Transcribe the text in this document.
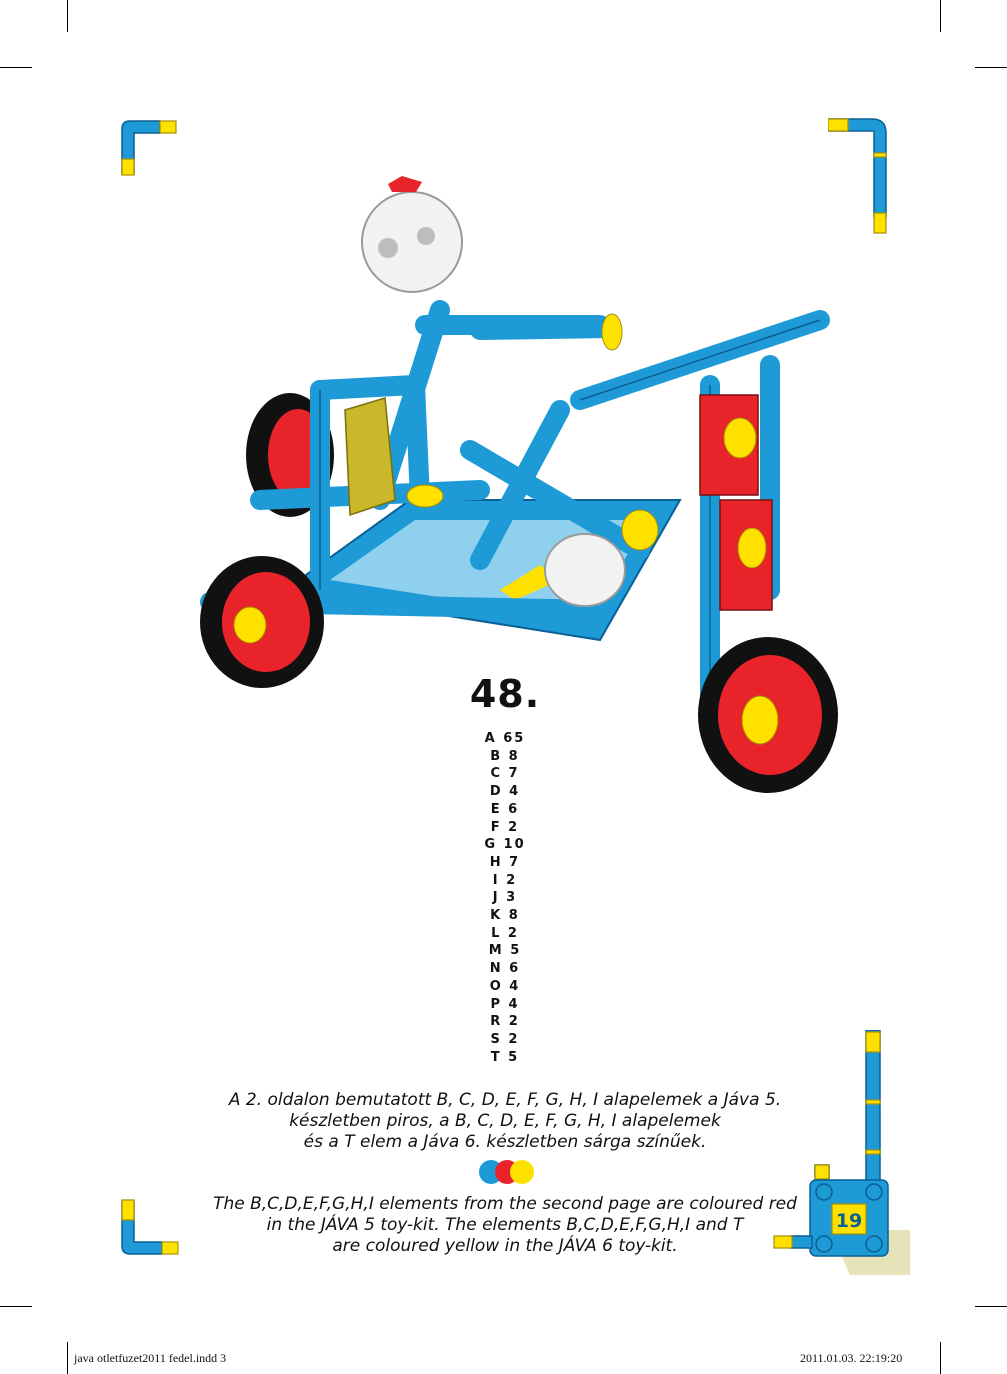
48.
A 65
B 8
C 7
D 4
E 6
F 2
G 10
H 7
I 2
J 3
K 8
L 2
M 5
N 6
O 4
P 4
R 2
S 2
T 5
A 2. oldalon bemutatott B, C, D, E, F, G, H, I alapelemek a Jáva 5.
készletben piros, a B, C, D, E, F, G, H, I alapelemek
és a T elem a Jáva 6. készletben sárga színűek.
The B,C,D,E,F,G,H,I elements from the second page are coloured red
in the JÁVA 5 toy-kit. The elements B,C,D,E,F,G,H,I and T
are coloured yellow in the JÁVA 6 toy-kit.
19
java otletfuzet2011 fedel.indd 3	2011.01.03. 22:19:20
